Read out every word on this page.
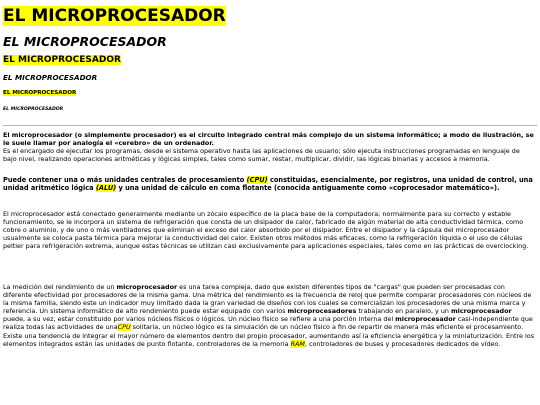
EL MICROPROCESADOR
EL MICROPROCESADOR
EL MICROPROCESADOR
EL MICROPROCESADOR
EL MICROPROCESADOR
EL MICROPROCESADOR

El microprocesador (o simplemente procesador) es el circuito integrado central más complejo de un sistema informático; a modo de ilustración, se le suele llamar por analogía el «cerebro» de un ordenador.
Es el encargado de ejecutar los programas, desde el sistema operativo hasta las aplicaciones de usuario; sólo ejecuta instrucciones programadas en lenguaje de bajo nivel, realizando operaciones aritméticas y lógicas simples, tales como sumar, restar, multiplicar, dividir, las lógicas binarias y accesos a memoria.

Puede contener una o más unidades centrales de procesamiento (CPU) constituidas, esencialmente, por registros, una unidad de control, una unidad aritmético lógica (ALU) y una unidad de cálculo en coma flotante (conocida antiguamente como «coprocesador matemático»).

El microprocesador está conectado generalmente mediante un zócalo específico de la placa base de la computadora; normalmente para su correcto y estable funcionamiento, se le incorpora un sistema de refrigeración que consta de un disipador de calor, fabricado de algún material de alta conductividad térmica, como cobre o aluminio, y de uno o más ventiladores que eliminan el exceso del calor absorbido por el disipador. Entre el disipador y la cápsula del microprocesador usualmente se coloca pasta térmica para mejorar la conductividad del calor. Existen otros métodos más eficaces, como la refrigeración líquida o el uso de células peltier para refrigeración extrema, aunque estas técnicas se utilizan casi exclusivamente para aplicaciones especiales, tales como en las prácticas de overclocking.

La medición del rendimiento de un microprocesador es una tarea compleja, dado que existen diferentes tipos de "cargas" que pueden ser procesadas con diferente efectividad por procesadores de la misma gama. Una métrica del rendimiento es la frecuencia de reloj que permite comparar procesadores con núcleos de la misma familia, siendo este un indicador muy limitado dada la gran variedad de diseños con los cuales se comercializan los procesadores de una misma marca y referencia. Un sistema informático de alto rendimiento puede estar equipado con varios microprocesadores trabajando en paralelo, y un microprocesador puede, a su vez, estar constituido por varios núcleos físicos o lógicos. Un núcleo físico se refiere a una porción interna del microprocesador casi-independiente que realiza todas las actividades de unaCPU solitaria, un núcleo lógico es la simulación de un núcleo físico a fin de repartir de manera más eficiente el procesamiento. Existe una tendencia de integrar el mayor número de elementos dentro del propio procesador, aumentando así la eficiencia energética y la miniaturización. Entre los elementos integrados están las unidades de punto flotante, controladores de la memoria RAM, controladores de buses y procesadores dedicados de vídeo.
